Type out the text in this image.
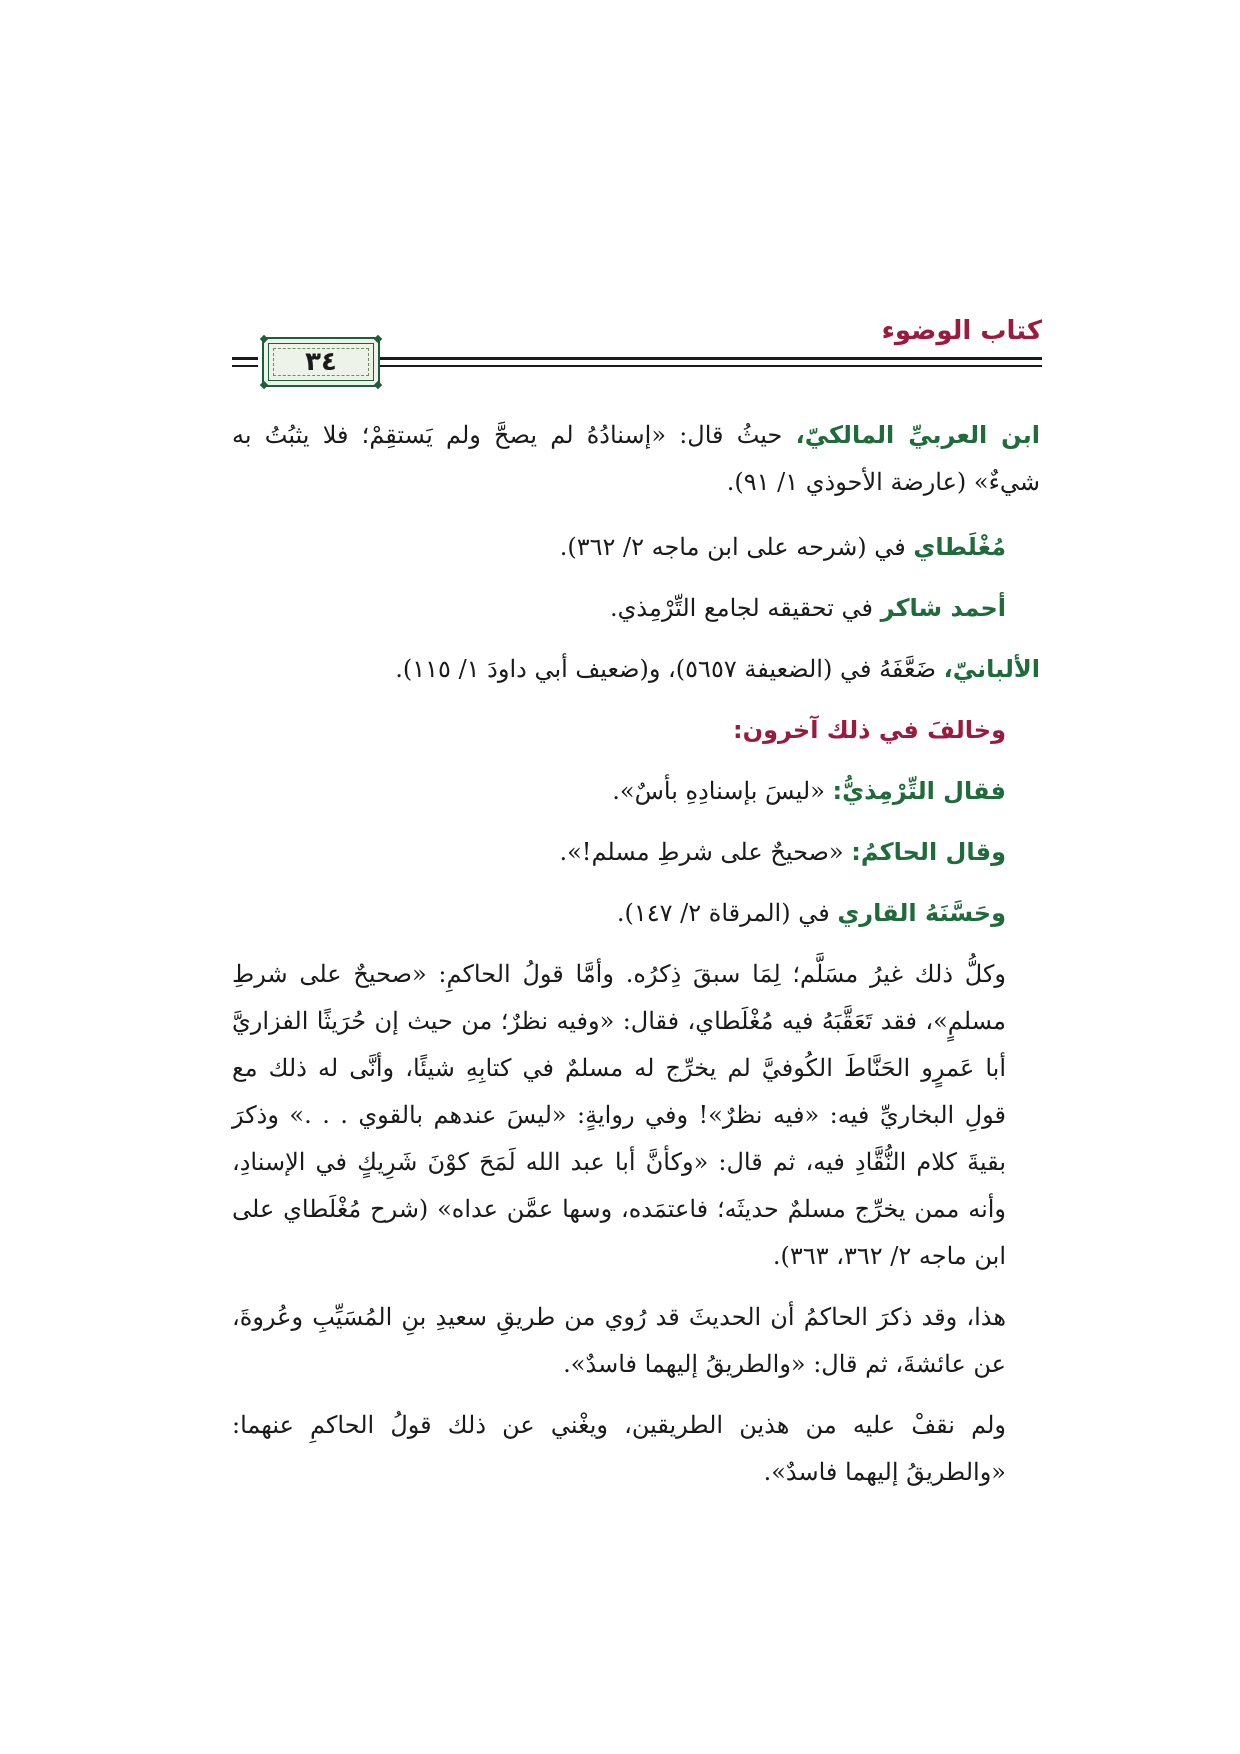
كتاب الوضوء
٣٤

ابن العربيِّ المالكيّ، حيثُ قال: «إسنادُهُ لم يصحَّ ولم يَستقِمْ؛ فلا يثبُتُ به شيءٌ» (عارضة الأحوذي ١/ ٩١).

مُغْلَطاي في (شرحه على ابن ماجه ٢/ ٣٦٢).

أحمد شاكر في تحقيقه لجامع التِّرْمِذي.

الألبانيّ، ضَعَّفَهُ في (الضعيفة ٥٦٥٧)، و(ضعيف أبي داودَ ١/ ١١٥).

وخالفَ في ذلك آخرون:

فقال التِّرْمِذيُّ: «ليسَ بإسنادِهِ بأسٌ».

وقال الحاكمُ: «صحيحٌ على شرطِ مسلم!».

وحَسَّنَهُ القاري في (المرقاة ٢/ ١٤٧).

وكلُّ ذلك غيرُ مسَلَّم؛ لِمَا سبقَ ذِكرُه. وأمَّا قولُ الحاكمِ: «صحيحٌ على شرطِ مسلمٍ»، فقد تَعَقَّبَهُ فيه مُغْلَطاي، فقال: «وفيه نظرٌ؛ من حيث إن حُرَيثًا الفزاريَّ أبا عَمرٍو الحَنَّاطَ الكُوفيَّ لم يخرِّج له مسلمٌ في كتابِهِ شيئًا، وأنَّى له ذلك مع قولِ البخاريِّ فيه: «فيه نظرٌ»! وفي روايةٍ: «ليسَ عندهم بالقوي . . .» وذكرَ بقيةَ كلام النُّقَّادِ فيه، ثم قال: «وكأنَّ أبا عبد الله لَمَحَ كوْنَ شَرِيكٍ في الإسنادِ، وأنه ممن يخرِّج مسلمٌ حديثَه؛ فاعتمَده، وسها عمَّن عداه» (شرح مُغْلَطاي على ابن ماجه ٢/ ٣٦٢، ٣٦٣).

هذا، وقد ذكرَ الحاكمُ أن الحديثَ قد رُوي من طريقِ سعيدِ بنِ المُسَيِّبِ وعُروةَ، عن عائشةَ، ثم قال: «والطريقُ إليهما فاسدٌ».

ولم نقفْ عليه من هذين الطريقين، ويغْني عن ذلك قولُ الحاكمِ عنهما: «والطريقُ إليهما فاسدٌ».
